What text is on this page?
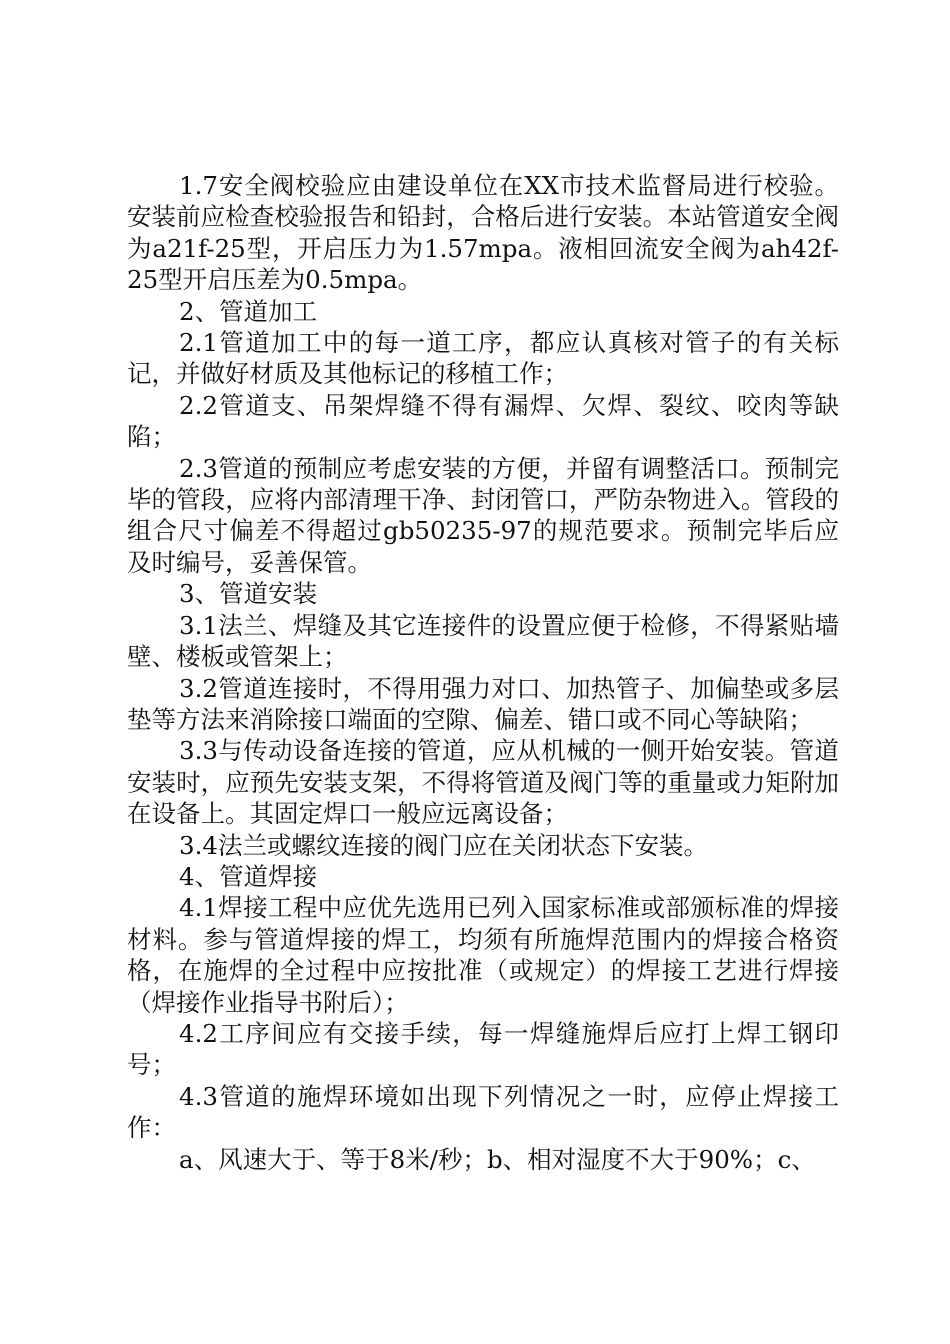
1.7安全阀校验应由建设单位在XX市技术监督局进行校验。安装前应检查校验报告和铅封，合格后进行安装。本站管道安全阀为a21f-25型，开启压力为1.57mpa。液相回流安全阀为ah42f-25型开启压差为0.5mpa。

2、管道加工

2.1管道加工中的每一道工序，都应认真核对管子的有关标记，并做好材质及其他标记的移植工作；

2.2管道支、吊架焊缝不得有漏焊、欠焊、裂纹、咬肉等缺陷；

2.3管道的预制应考虑安装的方便，并留有调整活口。预制完毕的管段，应将内部清理干净、封闭管口，严防杂物进入。管段的组合尺寸偏差不得超过gb50235-97的规范要求。预制完毕后应及时编号，妥善保管。

3、管道安装

3.1法兰、焊缝及其它连接件的设置应便于检修，不得紧贴墙壁、楼板或管架上；

3.2管道连接时，不得用强力对口、加热管子、加偏垫或多层垫等方法来消除接口端面的空隙、偏差、错口或不同心等缺陷；

3.3与传动设备连接的管道，应从机械的一侧开始安装。管道安装时，应预先安装支架，不得将管道及阀门等的重量或力矩附加在设备上。其固定焊口一般应远离设备；

3.4法兰或螺纹连接的阀门应在关闭状态下安装。

4、管道焊接

4.1焊接工程中应优先选用已列入国家标准或部颁标准的焊接材料。参与管道焊接的焊工，均须有所施焊范围内的焊接合格资格，在施焊的全过程中应按批准（或规定）的焊接工艺进行焊接（焊接作业指导书附后）；

4.2工序间应有交接手续，每一焊缝施焊后应打上焊工钢印号；

4.3管道的施焊环境如出现下列情况之一时，应停止焊接工作：

a、风速大于、等于8米/秒；b、相对湿度不大于90%；c、
